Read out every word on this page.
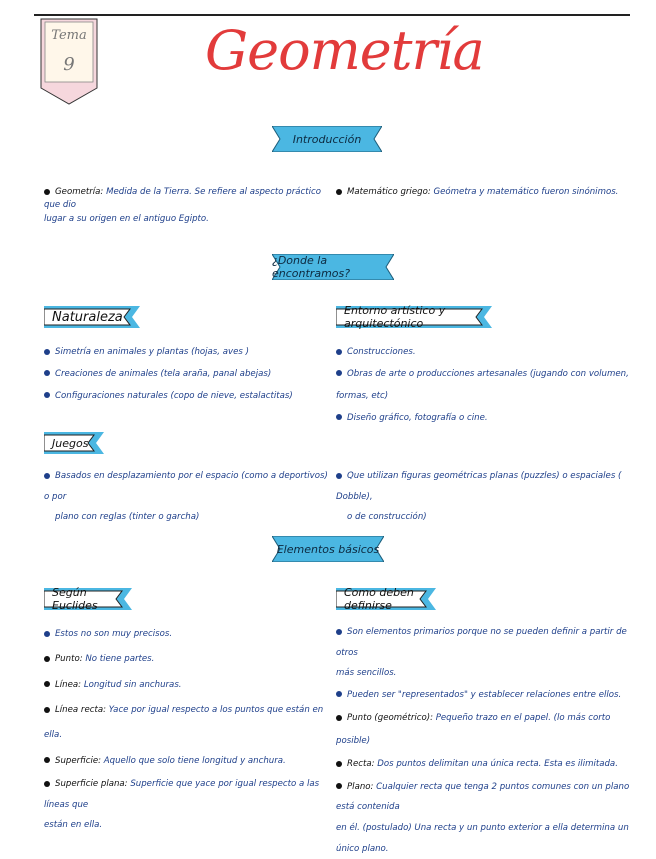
Tema
9	Geometría
Introducción
Geometría: Medida de la Tierra. Se refiere al aspecto práctico que dio
lugar a su origen en el antiguo Egipto.
Matemático griego: Geómetra y matemático fueron sinónimos.
¿Donde la encontramos?
Naturaleza
Simetría en animales y plantas (hojas, aves )
Creaciones de animales (tela araña, panal abejas)
Configuraciones naturales (copo de nieve, estalactitas)
Entorno artístico y arquitectónico
Construcciones.
Obras de arte o producciones artesanales (jugando con volumen, formas, etc)
Diseño gráfico, fotografía o cine.
Juegos
Basados en desplazamiento por el espacio (como a deportivos) o por
plano con reglas (tinter o garcha)
Que utilizan figuras geométricas planas (puzzles) o espaciales ( Dobble),
o de construcción)
Elementos básicos
Según Euclides
Estos no son muy precisos.
Punto: No tiene partes.
Línea: Longitud sin anchuras.
Línea recta: Yace por igual respecto a los puntos que están en ella.
Superficie: Aquello que solo tiene longitud y anchura.
Superficie plana: Superficie que yace por igual respecto a las líneas que
están en ella.
Como deben definirse
Son elementos primarios porque no se pueden definir a partir de otros
más sencillos.
Pueden ser "representados" y establecer relaciones entre ellos.
Punto (geométrico): Pequeño trazo en el papel. (lo más corto posible)
Recta: Dos puntos delimitan una única recta. Esta es ilimitada.
Plano: Cualquier recta que tenga 2 puntos comunes con un plano está contenida
en él. (postulado) Una recta y un punto exterior a ella determina un único plano.
